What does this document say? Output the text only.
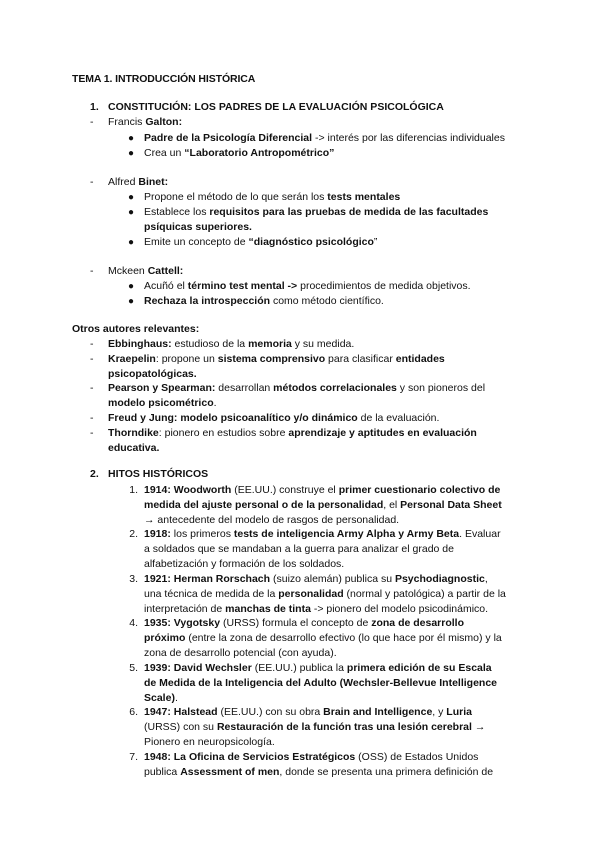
TEMA 1. INTRODUCCIÓN HISTÓRICA
1. CONSTITUCIÓN: LOS PADRES DE LA EVALUACIÓN PSICOLÓGICA
-	Francis Galton:
● Padre de la Psicología Diferencial -> interés por las diferencias individuales
● Crea un “Laboratorio Antropométrico”
-	Alfred Binet:
● Propone el método de lo que serán los tests mentales
● Establece los requisitos para las pruebas de medida de las facultades
psíquicas superiores.
● Emite un concepto de “diagnóstico psicológico”
-	Mckeen Cattell:
● Acuñó el término test mental -> procedimientos de medida objetivos.
● Rechaza la introspección como método científico.
Otros autores relevantes:
-	Ebbinghaus: estudioso de la memoria y su medida.
-	Kraepelin: propone un sistema comprensivo para clasificar entidades
psicopatológicas.
-	Pearson y Spearman: desarrollan métodos correlacionales y son pioneros del
modelo psicométrico.
-	Freud y Jung: modelo psicoanalítico y/o dinámico de la evaluación.
-	Thorndike: pionero en estudios sobre aprendizaje y aptitudes en evaluación
educativa.
2. HITOS HISTÓRICOS
1. 1914: Woodworth (EE.UU.) construye el primer cuestionario colectivo de
medida del ajuste personal o de la personalidad, el Personal Data Sheet
→ antecedente del modelo de rasgos de personalidad.
2. 1918: los primeros tests de inteligencia Army Alpha y Army Beta. Evaluar
a soldados que se mandaban a la guerra para analizar el grado de
alfabetización y formación de los soldados.
3. 1921: Herman Rorschach (suizo alemán) publica su Psychodiagnostic,
una técnica de medida de la personalidad (normal y patológica) a partir de la
interpretación de manchas de tinta -> pionero del modelo psicodinámico.
4. 1935: Vygotsky (URSS) formula el concepto de zona de desarrollo
próximo (entre la zona de desarrollo efectivo (lo que hace por él mismo) y la
zona de desarrollo potencial (con ayuda).
5. 1939: David Wechsler (EE.UU.) publica la primera edición de su Escala
de Medida de la Inteligencia del Adulto (Wechsler-Bellevue Intelligence
Scale).
6. 1947: Halstead (EE.UU.) con su obra Brain and Intelligence, y Luria
(URSS) con su Restauración de la función tras una lesión cerebral →
Pionero en neuropsicología.
7. 1948: La Oficina de Servicios Estratégicos (OSS) de Estados Unidos
publica Assessment of men, donde se presenta una primera definición de
